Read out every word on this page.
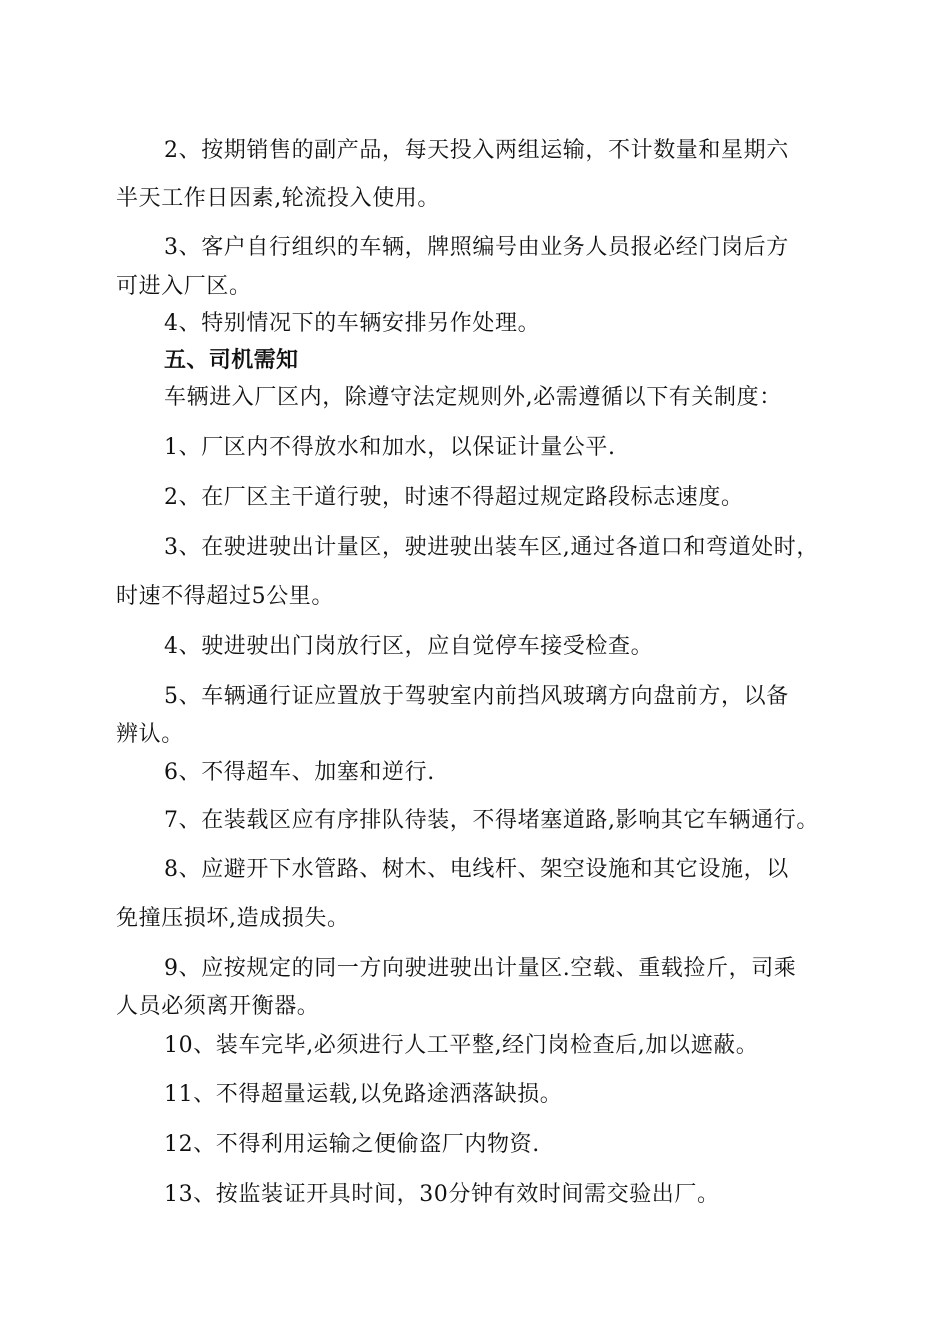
2、按期销售的副产品，每天投入两组运输，不计数量和星期六
半天工作日因素,轮流投入使用。
3、客户自行组织的车辆，牌照编号由业务人员报必经门岗后方
可进入厂区。
4、特别情况下的车辆安排另作处理。
五、司机需知
车辆进入厂区内，除遵守法定规则外,必需遵循以下有关制度：
1、厂区内不得放水和加水，以保证计量公平.
2、在厂区主干道行驶，时速不得超过规定路段标志速度。
3、在驶进驶出计量区，驶进驶出装车区,通过各道口和弯道处时，
时速不得超过5公里。
4、驶进驶出门岗放行区，应自觉停车接受检查。
5、车辆通行证应置放于驾驶室内前挡风玻璃方向盘前方，以备
辨认。
6、不得超车、加塞和逆行.
7、在装载区应有序排队待装，不得堵塞道路,影响其它车辆通行。
8、应避开下水管路、树木、电线杆、架空设施和其它设施，以
免撞压损坏,造成损失。
9、应按规定的同一方向驶进驶出计量区.空载、重载捡斤，司乘
人员必须离开衡器。
10、装车完毕,必须进行人工平整,经门岗检查后,加以遮蔽。
11、不得超量运载,以免路途洒落缺损。
12、不得利用运输之便偷盗厂内物资.
13、按监装证开具时间，30分钟有效时间需交验出厂。
